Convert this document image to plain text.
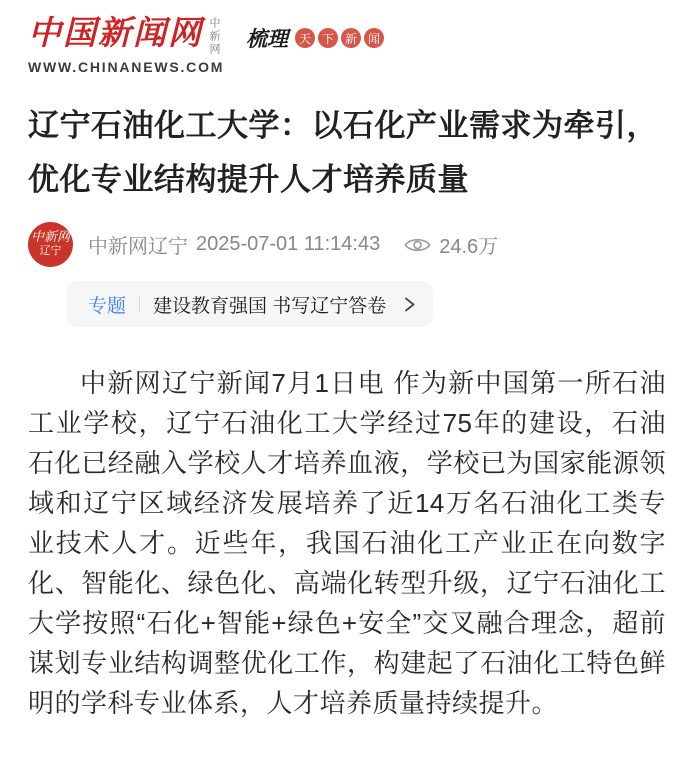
中国新闻网 中新网 梳理 天 下 新 闻
WWW.CHINANEWS.COM
辽宁石油化工大学：以石化产业需求为牵引，优化专业结构提升人才培养质量
中新网
辽宁 中新网辽宁 2025-07-01 11:14:43	24.6万
专题 建设教育强国 书写辽宁答卷

中新网辽宁新闻7月1日电 作为新中国第一所石油工业学校，辽宁石油化工大学经过75年的建设，石油石化已经融入学校人才培养血液，学校已为国家能源领域和辽宁区域经济发展培养了近14万名石油化工类专业技术人才。近些年，我国石油化工产业正在向数字化、智能化、绿色化、高端化转型升级，辽宁石油化工大学按照“石化+智能+绿色+安全”交叉融合理念，超前谋划专业结构调整优化工作，构建起了石油化工特色鲜明的学科专业体系，人才培养质量持续提升。
